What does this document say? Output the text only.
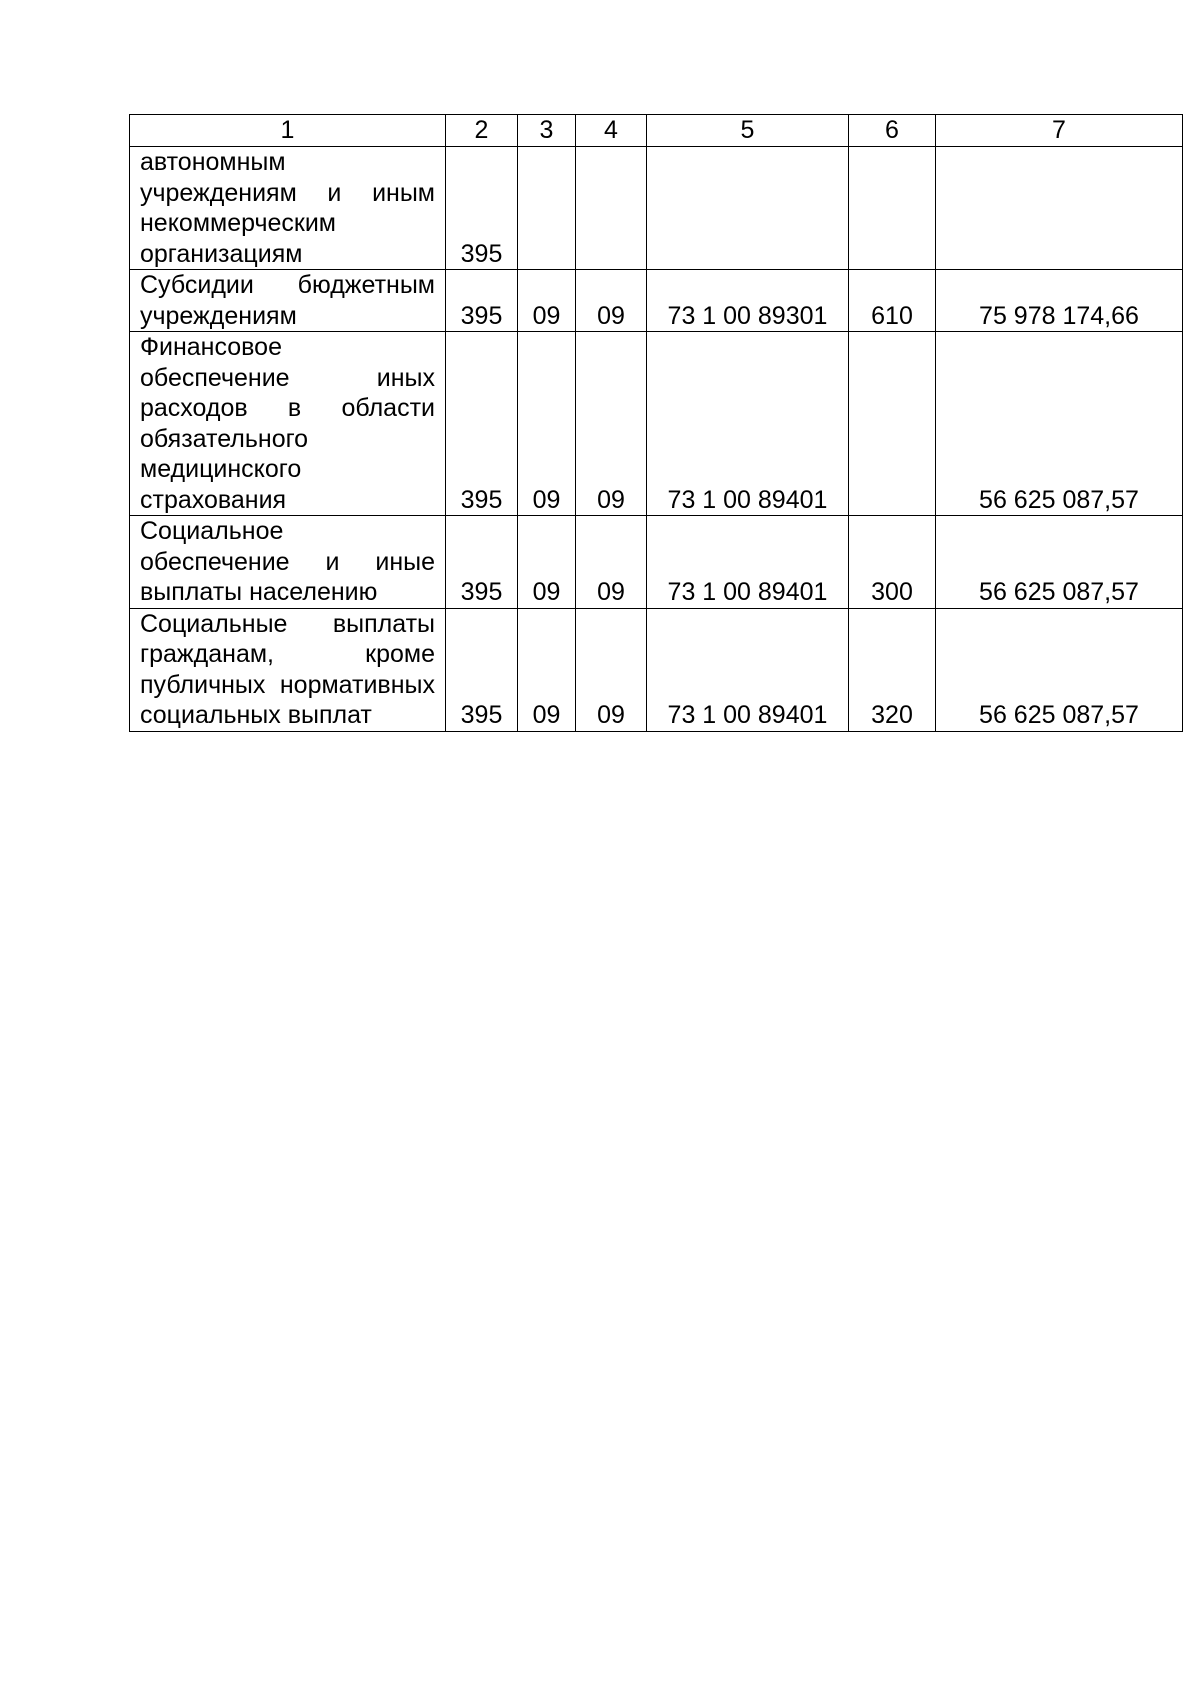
1	2	3	4	5	6	7
автономным учреждениям и иным некоммерческим организациям	395					
Субсидии бюджетным учреждениям	395	09	09	73 1 00 89301	610	75 978 174,66
Финансовое обеспечение иных расходов в области обязательного медицинского страхования	395	09	09	73 1 00 89401		56 625 087,57
Социальное обеспечение и иные выплаты населению	395	09	09	73 1 00 89401	300	56 625 087,57
Социальные выплаты гражданам, кроме публичных нормативных социальных выплат	395	09	09	73 1 00 89401	320	56 625 087,57
